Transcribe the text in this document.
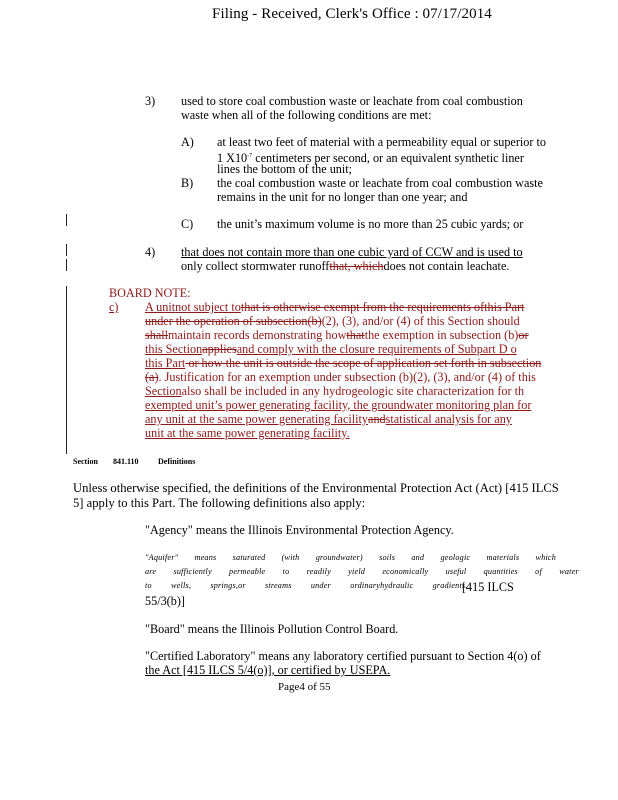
Filing - Received, Clerk's Office : 07/17/2014
3) used to store coal combustion waste or leachate from coal combustion
waste when all of the following conditions are met:
A) at least two feet of material with a permeability equal or superior to
1 $X10^{-7}$ centimeters per second, or an equivalent synthetic liner
lines the bottom of the unit;
B) the coal combustion waste or leachate from coal combustion waste
remains in the unit for no longer than one year; and
C) the unit’s maximum volume is no more than 25 cubic yards; or
4) that does not contain more than one cubic yard of CCW and is used to
only collect stormwater runoffthat, whichdoes not contain leachate.
BOARD NOTE:
c) A unitnot subject tothat is otherwise exempt from the requirements ofthis Part
under the operation of subsection(b)(2), (3), and/or (4) of this Section should
shallmaintain records demonstrating howthatthe exemption in subsection (b)or
this Sectionappliesand comply with the closure requirements of Subpart D o
this Part or how the unit is outside the scope of application set forth in subsection
(a). Justification for an exemption under subsection (b)(2), (3), and/or (4) of this
Sectionalso shall be included in any hydrogeologic site characterization for th
exempted unit’s power generating facility, the groundwater monitoring plan for
any unit at the same power generating facilityandstatistical analysis for any
unit at the same power generating facility.
Section 841.110 Definitions
Unless otherwise specified, the definitions of the Environmental Protection Act (Act) [415 ILCS
5] apply to this Part. The following definitions also apply:
"Agency" means the Illinois Environmental Protection Agency.
"Aquifer" means saturated (with groundwater) soils and geologic materials which
are sufficiently permeable to readily yield economically useful quantities of water
to wells, springs,or streams under ordinaryhydraulic gradients.
[415 ILCS
55/3(b)]
"Board" means the Illinois Pollution Control Board.
"Certified Laboratory" means any laboratory certified pursuant to Section 4(o) of
the Act [415 ILCS 5/4(o)], or certified by USEPA.
Page4 of 55
